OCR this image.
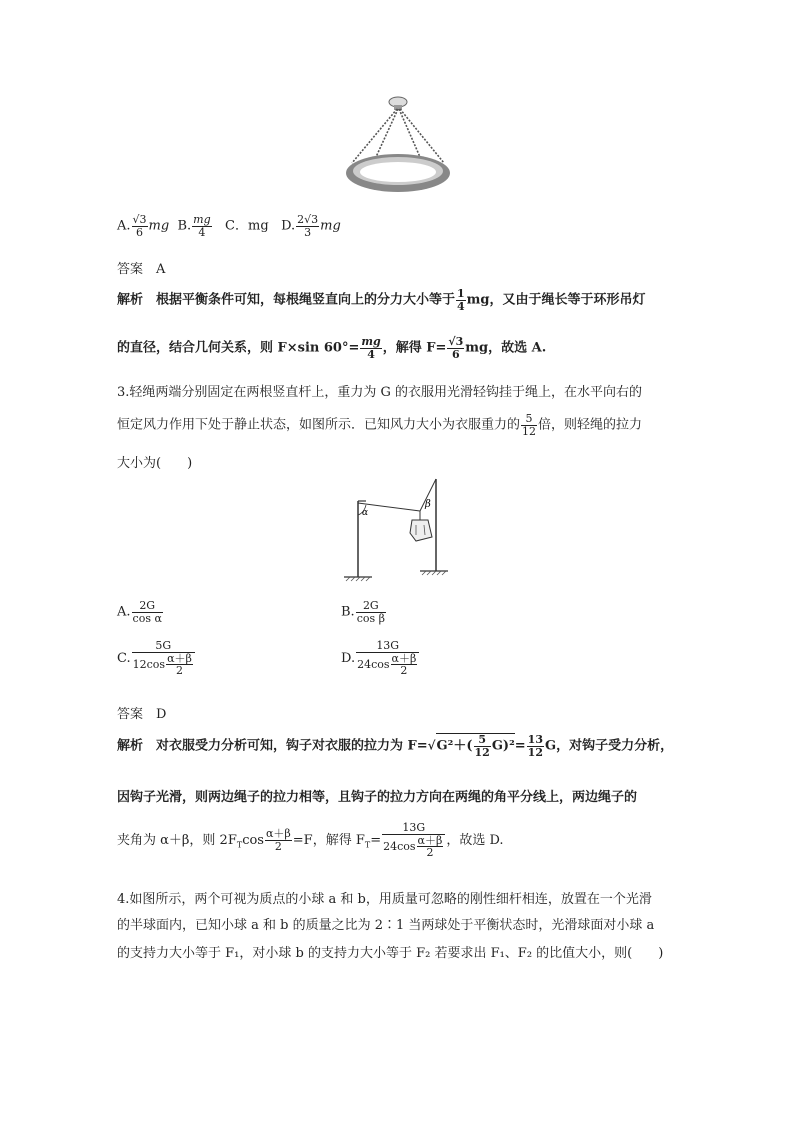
A. $\frac{√3}{6}$ mg B. $\frac{mg}{4}$ C．mg D. $\frac{2√3}{3}$ mg
答案　A
解析　根据平衡条件可知，每根绳竖直向上的分力大小等于 $\frac{1}{4}$ mg，又由于绳长等于环形吊灯
的直径，结合几何关系，则 F×sin $60^\circ= \frac{mg}{4}$ ，解得 $F= \frac{√3}{6}$ mg，故选 A.
3.轻绳两端分别固定在两根竖直杆上，重力为 G 的衣服用光滑轻钩挂于绳上，在水平向右的
恒定风力作用下处于静止状态，如图所示．已知风力大小为衣服重力的 $\frac{5}{12}$ 倍，则轻绳的拉力
大小为(　　)
α
β
A. $\frac{2G}{\text{cos α}}$	B. $\frac{2G}{\text{cos β}}$
C. $\frac{5G}{12\cos \frac{\alpha+\beta}{2}}$	D. $\frac{13G}{24\cos \frac{\alpha+\beta}{2}}$
答案　D
解析　对衣服受力分析可知，钩子对衣服的拉力为 $F=√G^2+( \frac{5}{12} G)^2= \frac{13}{12}$ G，对钩子受力分析，
因钩子光滑，则两边绳子的拉力相等，且钩子的拉力方向在两绳的角平分线上，两边绳子的
夹角为 α＋β，则 $2F_T\cos \frac{\alpha+\beta}{2} =F$，解得 $F_T= \frac{13G}{24\cos \frac{\alpha+\beta}{2}}$ ，故选 D.
4.如图所示，两个可视为质点的小球 a 和 b，用质量可忽略的刚性细杆相连，放置在一个光滑
的半球面内，已知小球 a 和 b 的质量之比为 2∶1 当两球处于平衡状态时，光滑球面对小球 a
的支持力大小等于 F₁，对小球 b 的支持力大小等于 F₂ 若要求出 F₁、F₂ 的比值大小，则(　　)
